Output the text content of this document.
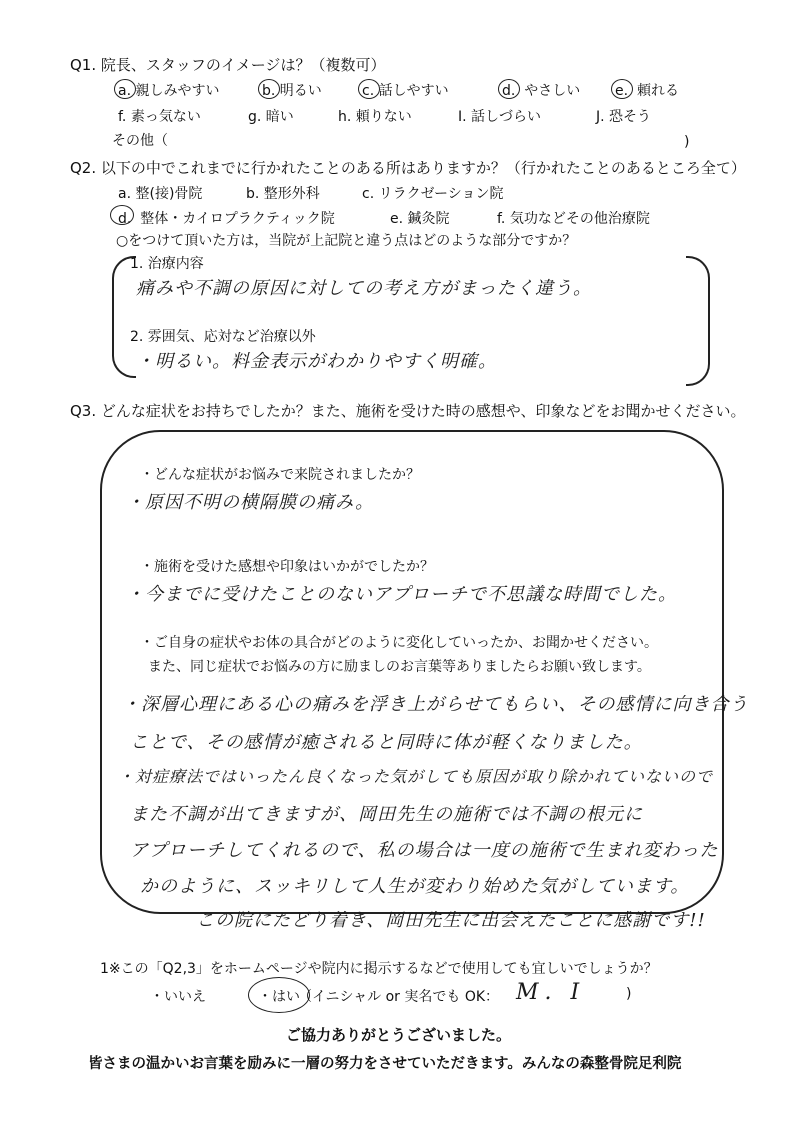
Q1. 院長、スタッフのイメージは？（複数可）
a. 親しみやすい	b. 明るい	c. 話しやすい	d. やさしい e. 頼れる
f. 素っ気ない	g. 暗い	h. 頼りない	I. 話しづらい	J. 恐そう
その他（	)
Q2. 以下の中でこれまでに行かれたことのある所はありますか？（行かれたことのあるところ全て）
a. 整(接)骨院	b. 整形外科	c. リラクゼーション院
d. 整体・カイロプラクティック院	e. 鍼灸院	f. 気功などその他治療院
○をつけて頂いた方は，当院が上記院と違う点はどのような部分ですか？
1. 治療内容
痛みや不調の原因に対しての考え方がまったく違う。
2. 雰囲気、応対など治療以外
・明るい。料金表示がわかりやすく明確。
Q3. どんな症状をお持ちでしたか？また、施術を受けた時の感想や、印象などをお聞かせください。
・どんな症状がお悩みで来院されましたか？
・原因不明の横隔膜の痛み。
・施術を受けた感想や印象はいかがでしたか？
・今までに受けたことのないアプローチで不思議な時間でした。
・ご自身の症状やお体の具合がどのように変化していったか、お聞かせください。
また、同じ症状でお悩みの方に励ましのお言葉等ありましたらお願い致します。
・深層心理にある心の痛みを浮き上がらせてもらい、その感情に向き合う
ことで、その感情が癒されると同時に体が軽くなりました。
・対症療法ではいったん良くなった気がしても原因が取り除かれていないので
また不調が出てきますが、岡田先生の施術では不調の根元に
アプローチしてくれるので、私の場合は一度の施術で生まれ変わった
かのように、スッキリして人生が変わり始めた気がしています。
この院にたどり着き、岡田先生に出会えたことに感謝です!!
1※この「Q2,3」をホームページや院内に掲示するなどで使用しても宜しいでしょうか？
・いいえ	・はい
（イニシャル or 実名でも OK： M. I	)
ご協力ありがとうございました。
皆さまの温かいお言葉を励みに一層の努力をさせていただきます。みんなの森整骨院足利院
